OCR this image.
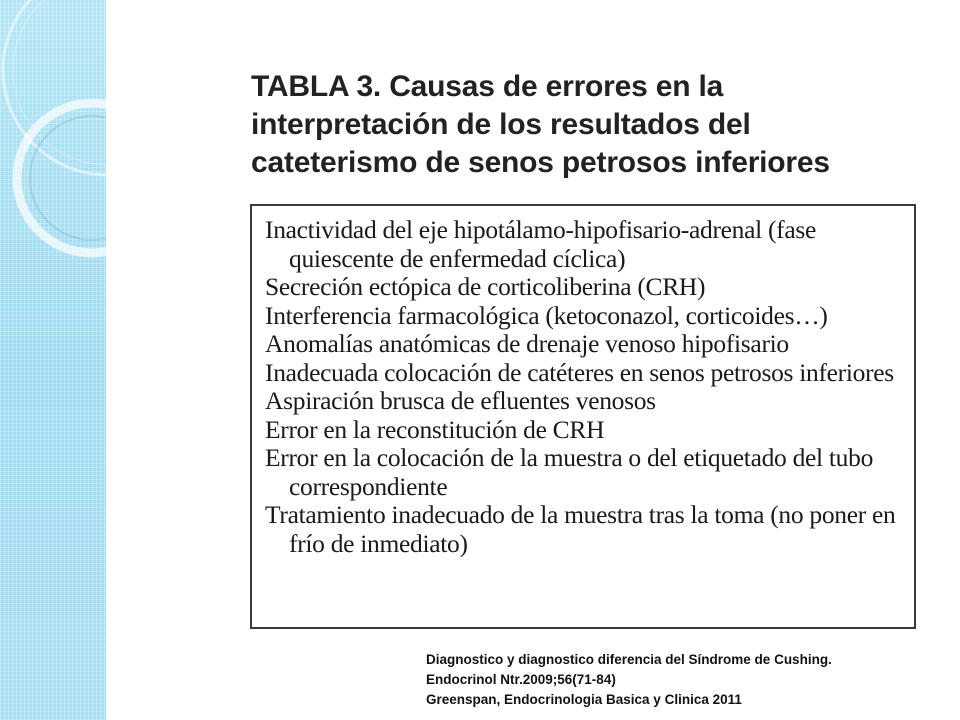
TABLA 3. Causas de errores en la interpretación de los resultados del cateterismo de senos petrosos inferiores
Inactividad del eje hipotálamo-hipofisario-adrenal (fase quiescente de enfermedad cíclica)
Secreción ectópica de corticoliberina (CRH)
Interferencia farmacológica (ketoconazol, corticoides…)
Anomalías anatómicas de drenaje venoso hipofisario
Inadecuada colocación de catéteres en senos petrosos inferiores
Aspiración brusca de efluentes venosos
Error en la reconstitución de CRH
Error en la colocación de la muestra o del etiquetado del tubo correspondiente
Tratamiento inadecuado de la muestra tras la toma (no poner en frío de inmediato)
Diagnostico y diagnostico diferencia del Síndrome de Cushing.
Endocrinol Ntr.2009;56(71-84)
Greenspan, Endocrinologia Basica y Clinica 2011
